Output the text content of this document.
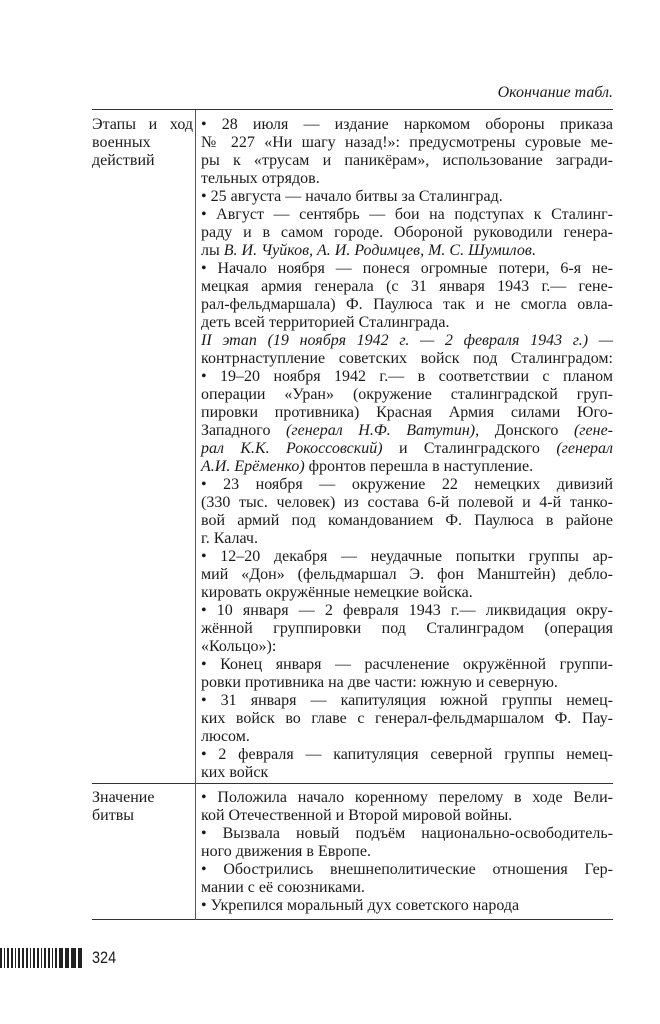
Окончание табл.
Этапы и ход
военных
действий
• 28 июля — издание наркомом обороны приказа
№ 227 «Ни шагу назад!»: предусмотрены суровые ме-
ры к «трусам и паникёрам», использование загради-
тельных отрядов.
• 25 августа — начало битвы за Сталинград.
• Август — сентябрь — бои на подступах к Сталинг-
раду и в самом городе. Обороной руководили генера-
лы В. И. Чуйков, А. И. Родимцев, М. С. Шумилов.
• Начало ноября — понеся огромные потери, 6-я не-
мецкая армия генерала (с 31 января 1943 г.— гене-
рал-фельдмаршала) Ф. Паулюса так и не смогла овла-
деть всей территорией Сталинграда.
II этап (19 ноября 1942 г. — 2 февраля 1943 г.) —
контрнаступление советских войск под Сталинградом:
• 19–20 ноября 1942 г.— в соответствии с планом
операции «Уран» (окружение сталинградской груп-
пировки противника) Красная Армия силами Юго-
Западного (генерал Н.Ф. Ватутин), Донского (гене-
рал К.К. Рокоссовский) и Сталинградского (генерал
А.И. Ерёменко) фронтов перешла в наступление.
• 23 ноября — окружение 22 немецких дивизий
(330 тыс. человек) из состава 6-й полевой и 4-й танко-
вой армий под командованием Ф. Паулюса в районе
г. Калач.
• 12–20 декабря — неудачные попытки группы ар-
мий «Дон» (фельдмаршал Э. фон Манштейн) дебло-
кировать окружённые немецкие войска.
• 10 января — 2 февраля 1943 г.— ликвидация окру-
жённой группировки под Сталинградом (операция
«Кольцо»):
• Конец января — расчленение окружённой группи-
ровки противника на две части: южную и северную.
• 31 января — капитуляция южной группы немец-
ких войск во главе с генерал-фельдмаршалом Ф. Пау-
люсом.
• 2 февраля — капитуляция северной группы немец-
ких войск
Значение
битвы
• Положила начало коренному перелому в ходе Вели-
кой Отечественной и Второй мировой войны.
• Вызвала новый подъём национально-освободитель-
ного движения в Европе.
• Обострились внешнеполитические отношения Гер-
мании с её союзниками.
• Укрепился моральный дух советского народа
324
